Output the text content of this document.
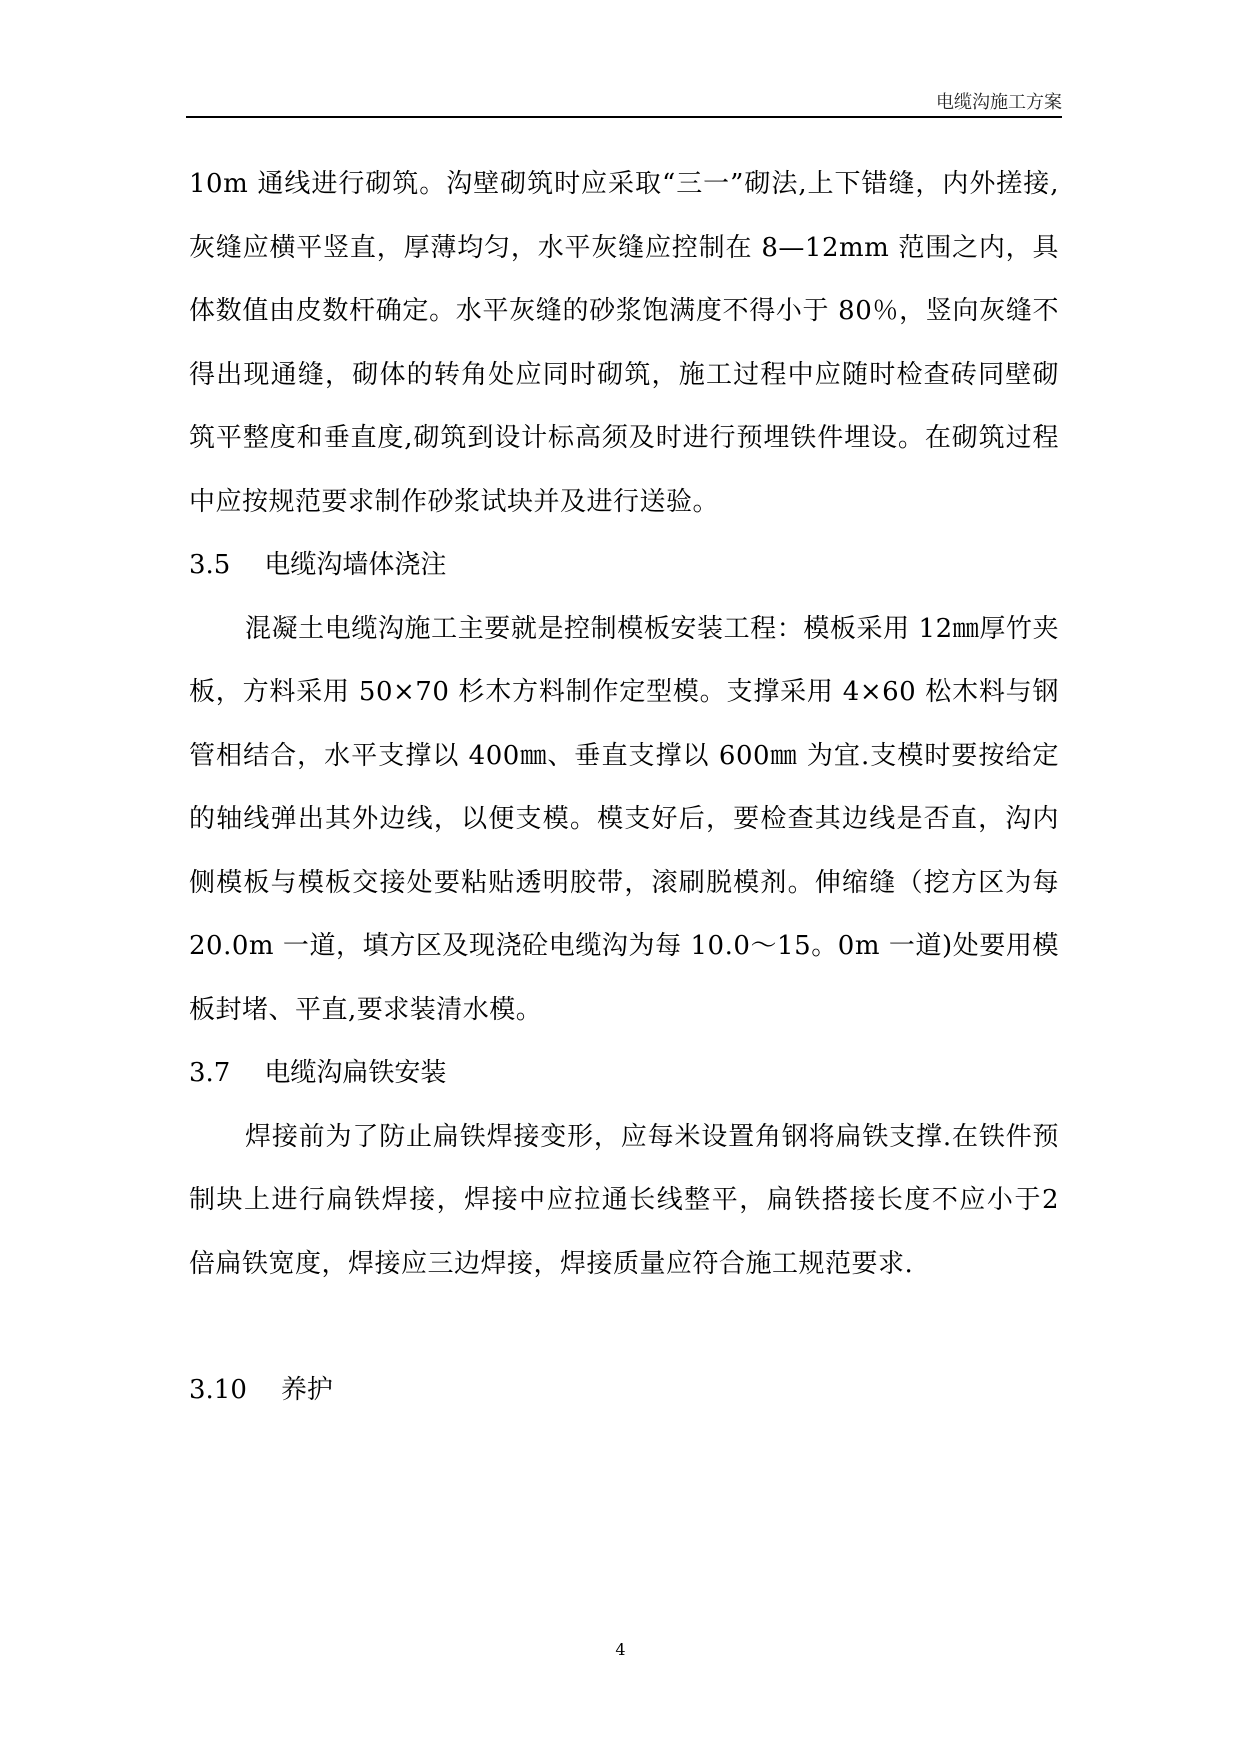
电缆沟施工方案

10m 通线进行砌筑。沟壁砌筑时应采取“三一”砌法,上下错缝，内外搓接,灰缝应横平竖直，厚薄均匀，水平灰缝应控制在 8—12mm 范围之内，具体数值由皮数杆确定。水平灰缝的砂浆饱满度不得小于 80％，竖向灰缝不得出现通缝，砌体的转角处应同时砌筑，施工过程中应随时检查砖同壁砌筑平整度和垂直度,砌筑到设计标高须及时进行预埋铁件埋设。在砌筑过程中应按规范要求制作砂浆试块并及进行送验。

3.5 电缆沟墙体浇注

混凝土电缆沟施工主要就是控制模板安装工程：模板采用 12㎜厚竹夹板，方料采用 50×70 杉木方料制作定型模。支撑采用 4×60 松木料与钢管相结合，水平支撑以 400㎜、垂直支撑以 600㎜ 为宜.支模时要按给定的轴线弹出其外边线，以便支模。模支好后，要检查其边线是否直，沟内侧模板与模板交接处要粘贴透明胶带，滚刷脱模剂。伸缩缝（挖方区为每 20.0m 一道，填方区及现浇砼电缆沟为每 10.0～15。0m 一道)处要用模板封堵、平直,要求装清水模。

3.7 电缆沟扁铁安装

焊接前为了防止扁铁焊接变形，应每米设置角钢将扁铁支撑.在铁件预制块上进行扁铁焊接，焊接中应拉通长线整平，扁铁搭接长度不应小于2 倍扁铁宽度，焊接应三边焊接，焊接质量应符合施工规范要求.

3.10 养护

4
